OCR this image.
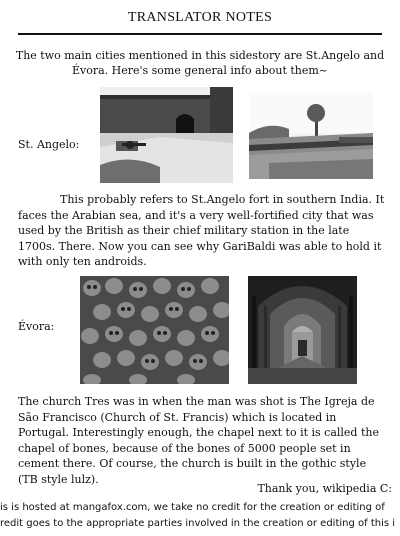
TRANSLATOR NOTES
The two main cities mentioned in this sidestory are St.Angelo and Évora. Here's some general info about them~
St. Angelo:
This probably refers to St.Angelo fort in southern India. It faces the Arabian sea, and it's a very well-fortified city that was used by the British as their chief military station in the late 1700s. There. Now you can see why GariBaldi was able to hold it with only ten androids.
Évora:
The church Tres was in when the man was shot is The Igreja de São Francisco (Church of St. Francis) which is located in Portugal. Interestingly enough, the chapel next to it is called the chapel of bones, because of the bones of 5000 people set in cement there. Of course, the church is built in the gothic style (TB style lulz).
Thank you, wikipedia C:
is is hosted at mangafox.com, we take no credit for the creation or editing of
redit goes to the appropriate parties involved in the creation or editing of this i
